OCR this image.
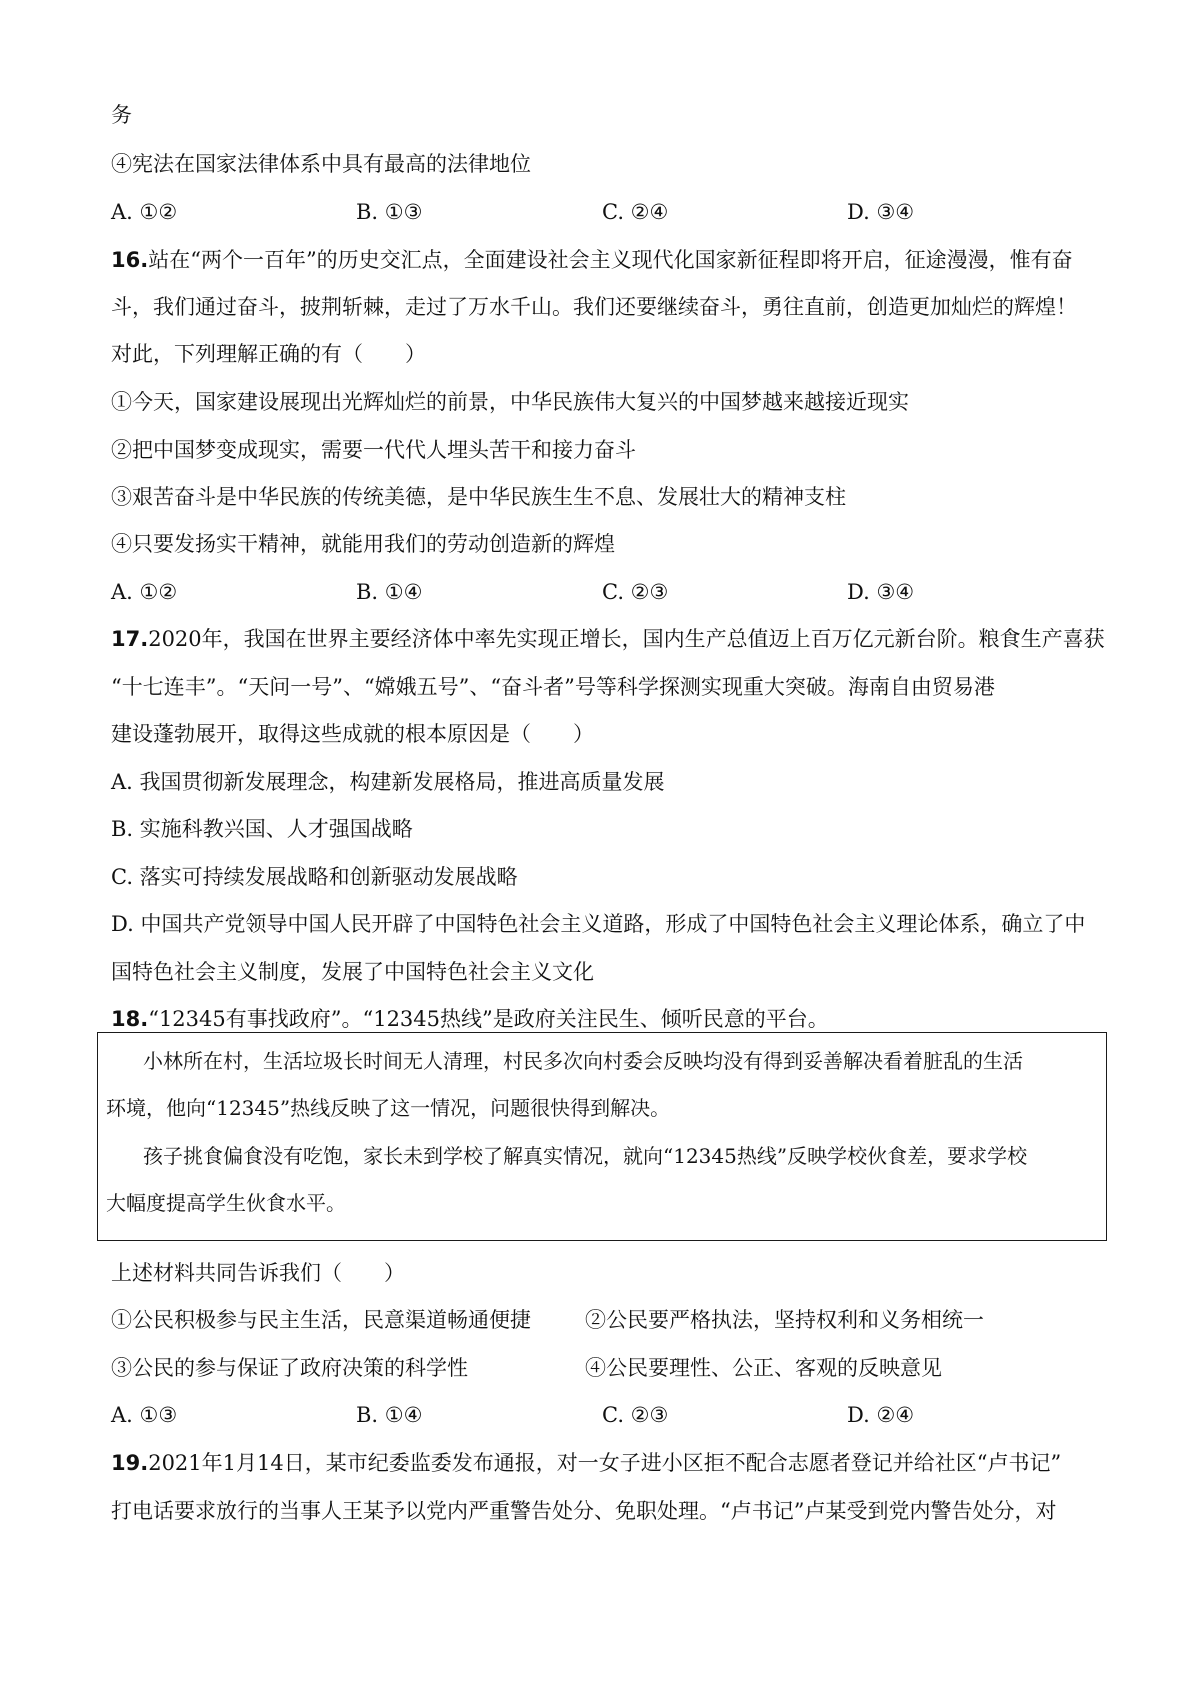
务
④宪法在国家法律体系中具有最高的法律地位
A. ①②	B. ①③	C. ②④	D. ③④
16.站在“两个一百年”的历史交汇点，全面建设社会主义现代化国家新征程即将开启，征途漫漫，惟有奋
斗，我们通过奋斗，披荆斩棘，走过了万水千山。我们还要继续奋斗，勇往直前，创造更加灿烂的辉煌！
对此，下列理解正确的有（　　）
①今天，国家建设展现出光辉灿烂的前景，中华民族伟大复兴的中国梦越来越接近现实
②把中国梦变成现实，需要一代代人埋头苦干和接力奋斗
③艰苦奋斗是中华民族的传统美德，是中华民族生生不息、发展壮大的精神支柱
④只要发扬实干精神，就能用我们的劳动创造新的辉煌
A. ①②	B. ①④	C. ②③	D. ③④
17.2020年，我国在世界主要经济体中率先实现正增长，国内生产总值迈上百万亿元新台阶。粮食生产喜获
“十七连丰”。“天问一号”、“嫦娥五号”、“奋斗者”号等科学探测实现重大突破。海南自由贸易港
建设蓬勃展开，取得这些成就的根本原因是（　　）
A. 我国贯彻新发展理念，构建新发展格局，推进高质量发展
B. 实施科教兴国、人才强国战略
C. 落实可持续发展战略和创新驱动发展战略
D. 中国共产党领导中国人民开辟了中国特色社会主义道路，形成了中国特色社会主义理论体系，确立了中
国特色社会主义制度，发展了中国特色社会主义文化
18.“12345有事找政府”。“12345热线”是政府关注民生、倾听民意的平台。
小林所在村，生活垃圾长时间无人清理，村民多次向村委会反映均没有得到妥善解决看着脏乱的生活
环境，他向“12345”热线反映了这一情况，问题很快得到解决。
孩子挑食偏食没有吃饱，家长未到学校了解真实情况，就向“12345热线”反映学校伙食差，要求学校
大幅度提高学生伙食水平。
上述材料共同告诉我们（　　）
①公民积极参与民主生活，民意渠道畅通便捷	②公民要严格执法，坚持权利和义务相统一
③公民的参与保证了政府决策的科学性	④公民要理性、公正、客观的反映意见
A. ①③	B. ①④	C. ②③	D. ②④
19.2021年1月14日，某市纪委监委发布通报，对一女子进小区拒不配合志愿者登记并给社区“卢书记”
打电话要求放行的当事人王某予以党内严重警告处分、免职处理。“卢书记”卢某受到党内警告处分，对
